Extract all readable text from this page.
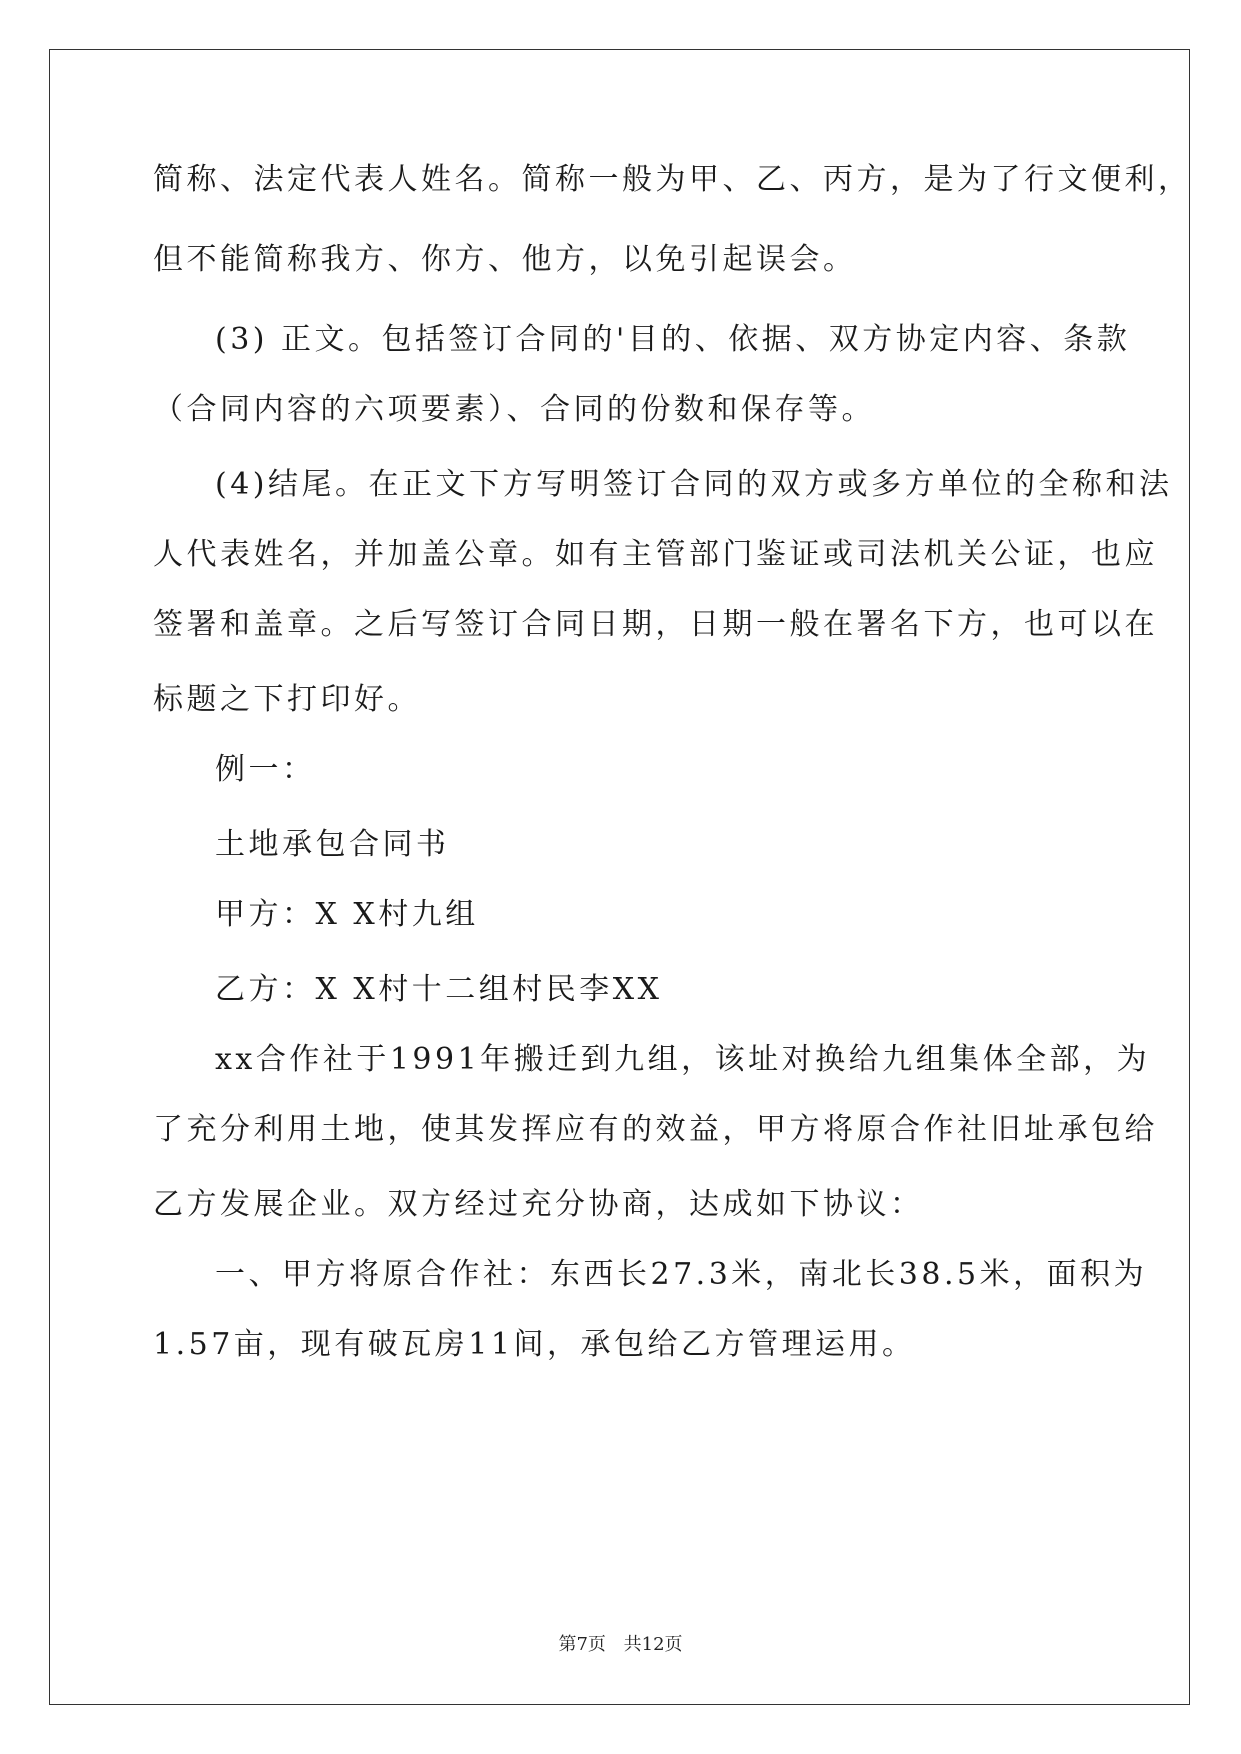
简称、法定代表人姓名。简称一般为甲、乙、丙方，是为了行文便利，
但不能简称我方、你方、他方，以免引起误会。
(3) 正文。包括签订合同的'目的、依据、双方协定内容、条款
（合同内容的六项要素）、合同的份数和保存等。
(4)结尾。在正文下方写明签订合同的双方或多方单位的全称和法
人代表姓名，并加盖公章。如有主管部门鉴证或司法机关公证，也应
签署和盖章。之后写签订合同日期，日期一般在署名下方，也可以在
标题之下打印好。
例一：
土地承包合同书
甲方：X X村九组
乙方：X X村十二组村民李XX
xx合作社于1991年搬迁到九组，该址对换给九组集体全部，为
了充分利用土地，使其发挥应有的效益，甲方将原合作社旧址承包给
乙方发展企业。双方经过充分协商，达成如下协议：
一、甲方将原合作社：东西长27.3米，南北长38.5米，面积为
1.57亩，现有破瓦房11间，承包给乙方管理运用。
第7页 共12页
